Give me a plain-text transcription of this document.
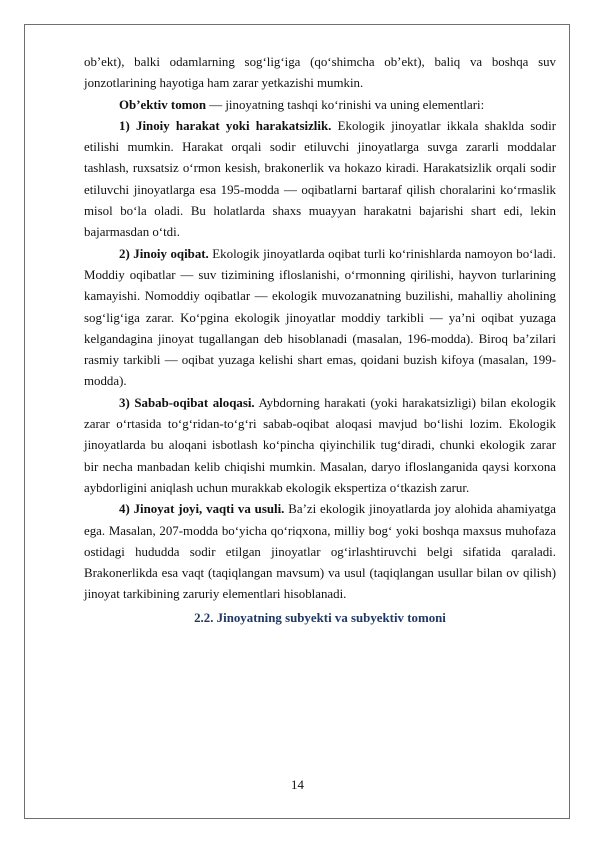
ob’ekt), balki odamlarning sog‘lig‘iga (qo‘shimcha ob’ekt), baliq va boshqa suv jonzotlarining hayotiga ham zarar yetkazishi mumkin.

Ob’ektiv tomon — jinoyatning tashqi ko‘rinishi va uning elementlari:

1) Jinoiy harakat yoki harakatsizlik. Ekologik jinoyatlar ikkala shaklda sodir etilishi mumkin. Harakat orqali sodir etiluvchi jinoyatlarga suvga zararli moddalar tashlash, ruxsatsiz o‘rmon kesish, brakonerlik va hokazo kiradi. Harakatsizlik orqali sodir etiluvchi jinoyatlarga esa 195-modda — oqibatlarni bartaraf qilish choralarini ko‘rmaslik misol bo‘la oladi. Bu holatlarda shaxs muayyan harakatni bajarishi shart edi, lekin bajarmasdan o‘tdi.

2) Jinoiy oqibat. Ekologik jinoyatlarda oqibat turli ko‘rinishlarda namoyon bo‘ladi. Moddiy oqibatlar — suv tizimining ifloslanishi, o‘rmonning qirilishi, hayvon turlarining kamayishi. Nomoddiy oqibatlar — ekologik muvozanatning buzilishi, mahalliy aholining sog‘lig‘iga zarar. Ko‘pgina ekologik jinoyatlar moddiy tarkibli — ya’ni oqibat yuzaga kelgandagina jinoyat tugallangan deb hisoblanadi (masalan, 196-modda). Biroq ba’zilari rasmiy tarkibli — oqibat yuzaga kelishi shart emas, qoidani buzish kifoya (masalan, 199-modda).

3) Sabab-oqibat aloqasi. Aybdorning harakati (yoki harakatsizligi) bilan ekologik zarar o‘rtasida to‘g‘ridan-to‘g‘ri sabab-oqibat aloqasi mavjud bo‘lishi lozim. Ekologik jinoyatlarda bu aloqani isbotlash ko‘pincha qiyinchilik tug‘diradi, chunki ekologik zarar bir necha manbadan kelib chiqishi mumkin. Masalan, daryo ifloslanganida qaysi korxona aybdorligini aniqlash uchun murakkab ekologik ekspertiza o‘tkazish zarur.

4) Jinoyat joyi, vaqti va usuli. Ba’zi ekologik jinoyatlarda joy alohida ahamiyatga ega. Masalan, 207-modda bo‘yicha qo‘riqxona, milliy bog‘ yoki boshqa maxsus muhofaza ostidagi hududda sodir etilgan jinoyatlar og‘irlashtiruvchi belgi sifatida qaraladi. Brakonerlikda esa vaqt (taqiqlangan mavsum) va usul (taqiqlangan usullar bilan ov qilish) jinoyat tarkibining zaruriy elementlari hisoblanadi.

2.2. Jinoyatning subyekti va subyektiv tomoni

14
